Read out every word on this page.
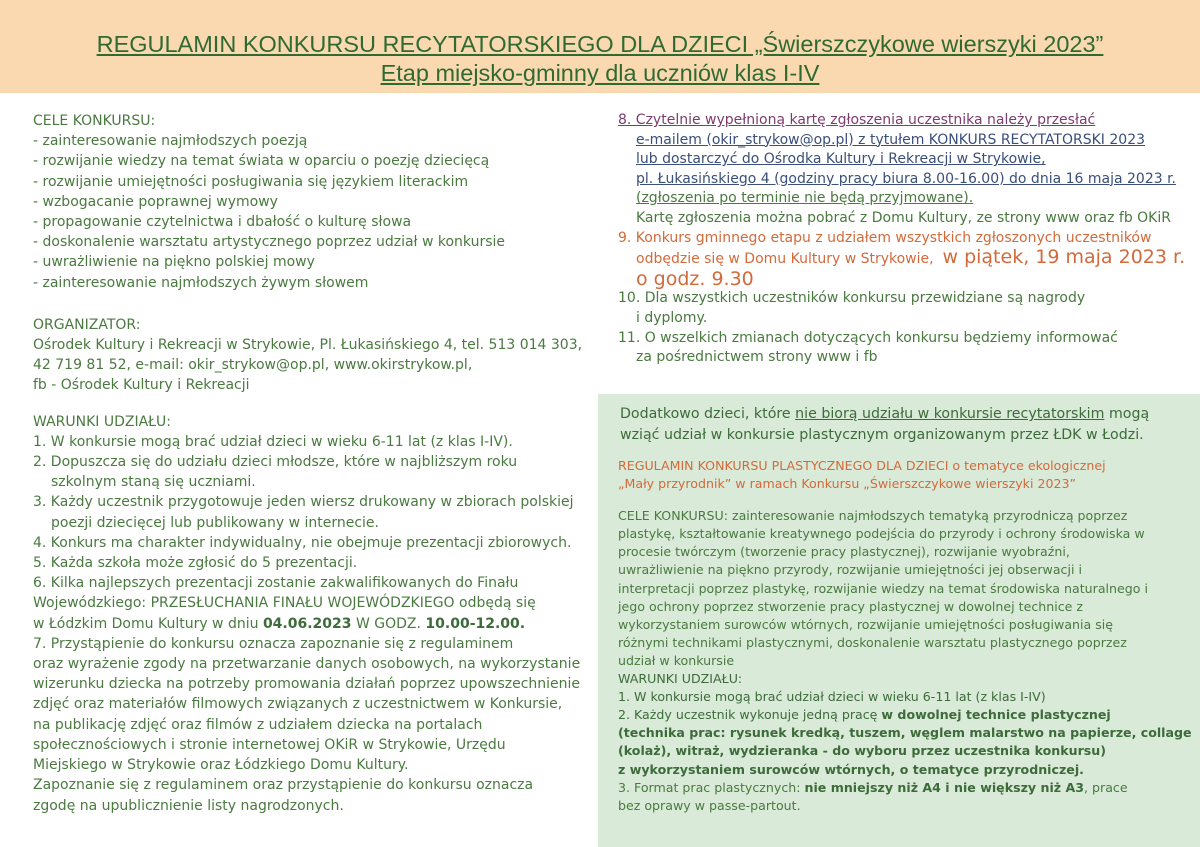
REGULAMIN KONKURSU RECYTATORSKIEGO DLA DZIECI „Świerszczykowe wierszyki 2023”
Etap miejsko-gminny dla uczniów klas I-IV
CELE KONKURSU:
- zainteresowanie najmłodszych poezją
- rozwijanie wiedzy na temat świata w oparciu o poezję dziecięcą
- rozwijanie umiejętności posługiwania się językiem literackim
- wzbogacanie poprawnej wymowy
- propagowanie czytelnictwa i dbałość o kulturę słowa
- doskonalenie warsztatu artystycznego poprzez udział w konkursie
- uwrażliwienie na piękno polskiej mowy
- zainteresowanie najmłodszych żywym słowem
ORGANIZATOR:
Ośrodek Kultury i Rekreacji w Strykowie, Pl. Łukasińskiego 4, tel. 513 014 303,
42 719 81 52, e-mail: okir_strykow@op.pl, www.okirstrykow.pl,
fb - Ośrodek Kultury i Rekreacji
WARUNKI UDZIAŁU:
1. W konkursie mogą brać udział dzieci w wieku 6-11 lat (z klas I-IV).
2. Dopuszcza się do udziału dzieci młodsze, które w najbliższym roku
szkolnym staną się uczniami.
3. Każdy uczestnik przygotowuje jeden wiersz drukowany w zbiorach polskiej
poezji dziecięcej lub publikowany w internecie.
4. Konkurs ma charakter indywidualny, nie obejmuje prezentacji zbiorowych.
5. Każda szkoła może zgłosić do 5 prezentacji.
6. Kilka najlepszych prezentacji zostanie zakwalifikowanych do Finału
Wojewódzkiego: PRZESŁUCHANIA FINAŁU WOJEWÓDZKIEGO odbędą się
w Łódzkim Domu Kultury w dniu 04.06.2023 W GODZ. 10.00-12.00.
7. Przystąpienie do konkursu oznacza zapoznanie się z regulaminem
oraz wyrażenie zgody na przetwarzanie danych osobowych, na wykorzystanie
wizerunku dziecka na potrzeby promowania działań poprzez upowszechnienie
zdjęć oraz materiałów filmowych związanych z uczestnictwem w Konkursie,
na publikację zdjęć oraz filmów z udziałem dziecka na portalach
społecznościowych i stronie internetowej OKiR w Strykowie, Urzędu
Miejskiego w Strykowie oraz Łódzkiego Domu Kultury.
Zapoznanie się z regulaminem oraz przystąpienie do konkursu oznacza
zgodę na upublicznienie listy nagrodzonych.
8. Czytelnie wypełnioną kartę zgłoszenia uczestnika należy przesłać
e-mailem (okir_strykow@op.pl) z tytułem KONKURS RECYTATORSKI 2023
lub dostarczyć do Ośrodka Kultury i Rekreacji w Strykowie,
pl. Łukasińskiego 4 (godziny pracy biura 8.00-16.00) do dnia 16 maja 2023 r.
(zgłoszenia po terminie nie będą przyjmowane).
Kartę zgłoszenia można pobrać z Domu Kultury, ze strony www oraz fb OKiR
9. Konkurs gminnego etapu z udziałem wszystkich zgłoszonych uczestników
odbędzie się w Domu Kultury w Strykowie, w piątek, 19 maja 2023 r.
o godz. 9.30
10. Dla wszystkich uczestników konkursu przewidziane są nagrody
i dyplomy.
11. O wszelkich zmianach dotyczących konkursu będziemy informować
za pośrednictwem strony www i fb
Dodatkowo dzieci, które nie biorą udziału w konkursie recytatorskim mogą
wziąć udział w konkursie plastycznym organizowanym przez ŁDK w Łodzi.
REGULAMIN KONKURSU PLASTYCZNEGO DLA DZIECI o tematyce ekologicznej
„Mały przyrodnik” w ramach Konkursu „Świerszczykowe wierszyki 2023”
CELE KONKURSU: zainteresowanie najmłodszych tematyką przyrodniczą poprzez
plastykę, kształtowanie kreatywnego podejścia do przyrody i ochrony środowiska w
procesie twórczym (tworzenie pracy plastycznej), rozwijanie wyobraźni,
uwrażliwienie na piękno przyrody, rozwijanie umiejętności jej obserwacji i
interpretacji poprzez plastykę, rozwijanie wiedzy na temat środowiska naturalnego i
jego ochrony poprzez stworzenie pracy plastycznej w dowolnej technice z
wykorzystaniem surowców wtórnych, rozwijanie umiejętności posługiwania się
różnymi technikami plastycznymi, doskonalenie warsztatu plastycznego poprzez
udział w konkursie
WARUNKI UDZIAŁU:
1. W konkursie mogą brać udział dzieci w wieku 6-11 lat (z klas I-IV)
2. Każdy uczestnik wykonuje jedną pracę w dowolnej technice plastycznej
(technika prac: rysunek kredką, tuszem, węglem malarstwo na papierze, collage
(kolaż), witraż, wydzieranka - do wyboru przez uczestnika konkursu)
z wykorzystaniem surowców wtórnych, o tematyce przyrodniczej.
3. Format prac plastycznych: nie mniejszy niż A4 i nie większy niż A3, prace
bez oprawy w passe-partout.
